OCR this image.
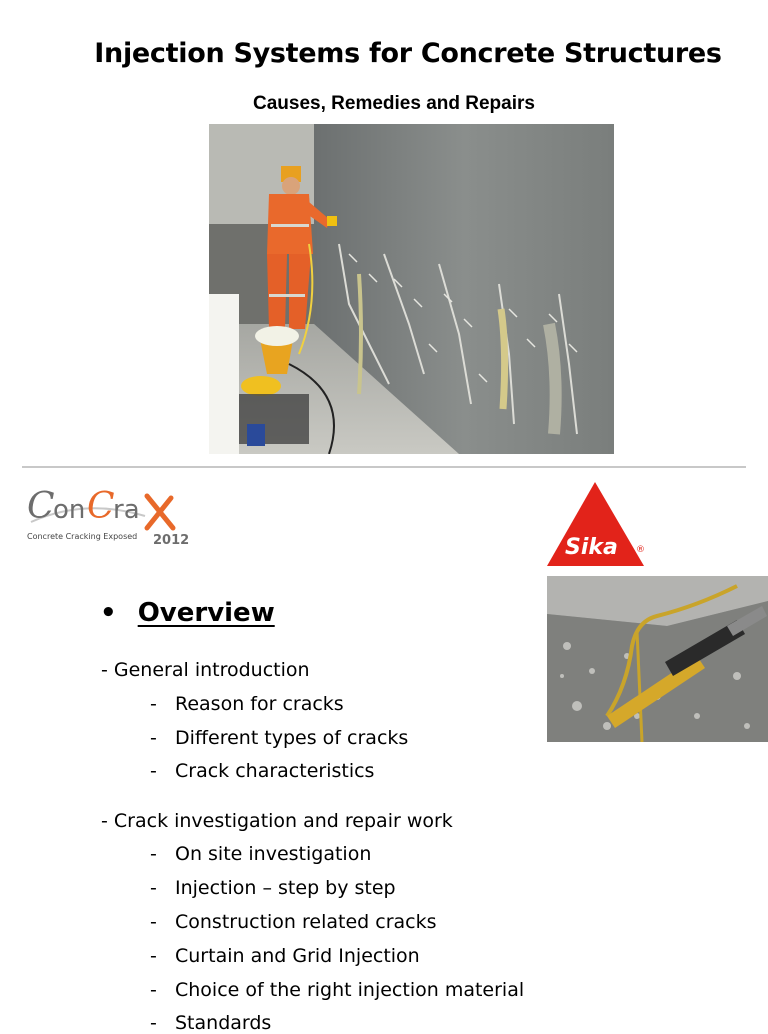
Injection Systems for Concrete Structures
Causes, Remedies and Repairs
C
on C
ra
Concrete Cracking Exposed 2012	Sika ®
• Overview
- General introduction
- Reason for cracks
- Different types of cracks
- Crack characteristics
- Crack investigation and repair work
- On site investigation
- Injection – step by step
- Construction related cracks
- Curtain and Grid Injection
- Choice of the right injection material
- Standards
